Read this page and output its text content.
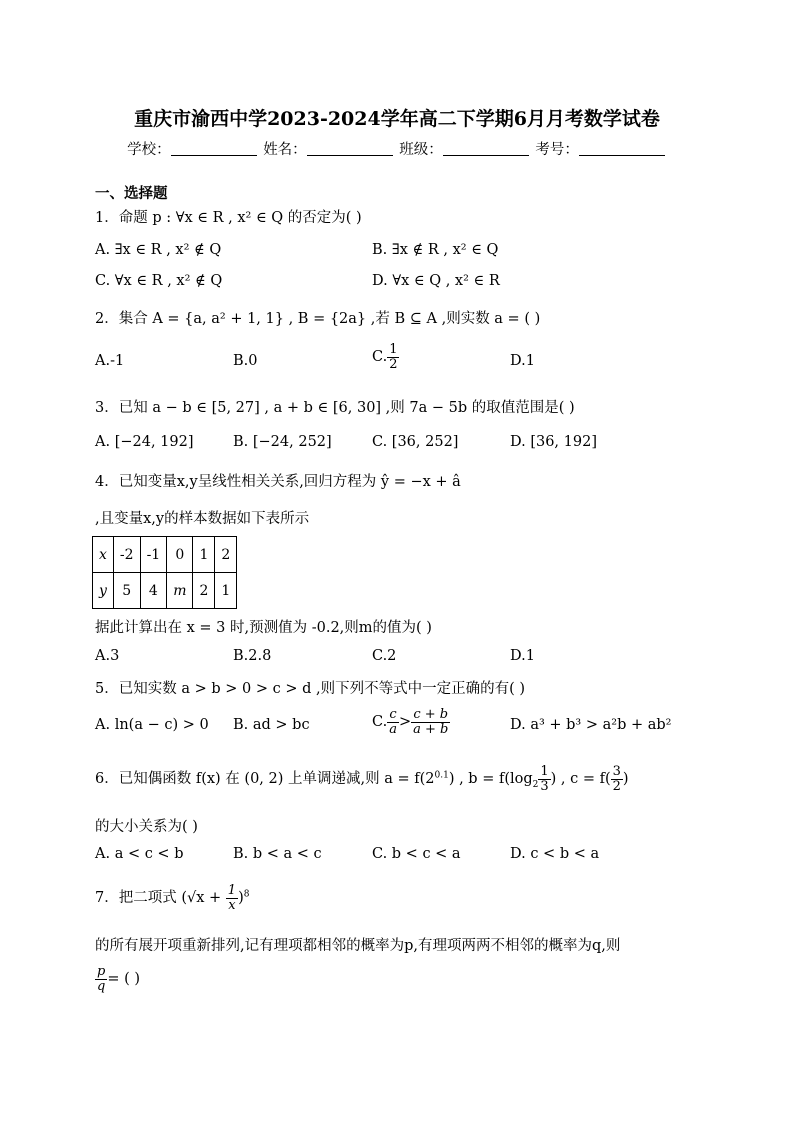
重庆市渝西中学2023-2024学年高二下学期6月月考数学试卷
学校：	姓名：	班级：	考号：
一、选择题
1．命题 p : ∀x ∈ R , x² ∈ Q 的否定为( )
A. ∃x ∈ R , x² ∉ Q	B. ∃x ∉ R , x² ∈ Q
C. ∀x ∈ R , x² ∉ Q	D. ∀x ∈ Q , x² ∈ R
2．集合 A = {a, a² + 1, 1} , B = {2a} ,若 B ⊆ A ,则实数 a = ( )
A.-1	B.0	C. $\frac{1}{2}$	D.1
3．已知 a − b ∈ [5, 27] , a + b ∈ [6, 30] ,则 7a − 5b 的取值范围是( )
A. [−24, 192]	B. [−24, 252]	C. [36, 252]	D. [36, 192]
4．已知变量x,y呈线性相关关系,回归方程为 ŷ = −x + â
,且变量x,y的样本数据如下表所示
x	-2	-1	0	1	2
y	5	4	m	2	1
据此计算出在 x = 3 时,预测值为 -0.2,则m的值为( )
A.3	B.2.8	C.2	D.1
5．已知实数 a > b > 0 > c > d ,则下列不等式中一定正确的有( )
A. ln(a − c) > 0 B. ad > bc	C. $\frac{c}{a} > \frac{c + b}{a + b}$	D. a³ + b³ > a²b + ab²
6．已知偶函数 f(x) 在 (0, 2) 上单调递减,则 $a = f(2^{0.1})$ , $b = f(\log_2 \frac{1}{3}$ ) , $c = f( \frac{3}{2}$ )
的大小关系为( )
A. a < c < b	B. b < a < c	C. b < c < a	D. c < b < a
7．把二项式 $(√x + \frac{1}{x} )^8$
的所有展开项重新排列,记有理项都相邻的概率为p,有理项两两不相邻的概率为q,则
$\frac{p}{q}$ = ( )
